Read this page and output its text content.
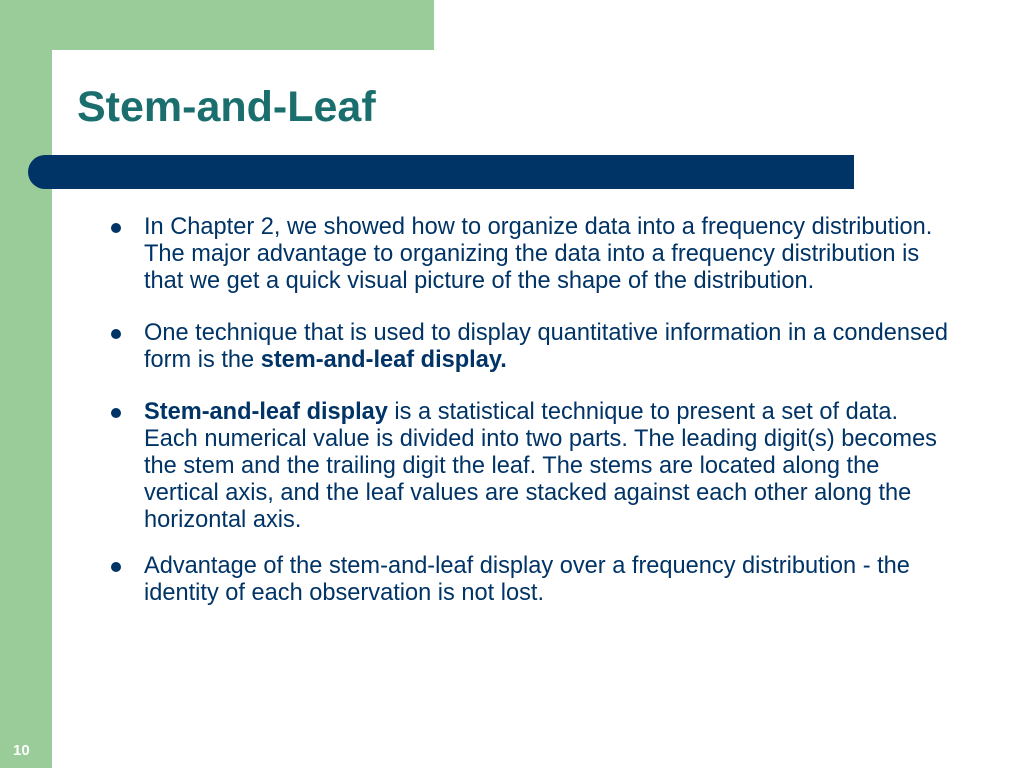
Stem-and-Leaf
In Chapter 2, we showed how to organize data into a frequency distribution. The major advantage to organizing the data into a frequency distribution is that we get a quick visual picture of the shape of the distribution.
One technique that is used to display quantitative information in a condensed form is the stem-and-leaf display.
Stem-and-leaf display is a statistical technique to present a set of data. Each numerical value is divided into two parts. The leading digit(s) becomes the stem and the trailing digit the leaf. The stems are located along the vertical axis, and the leaf values are stacked against each other along the horizontal axis.
Advantage of the stem-and-leaf display over a frequency distribution - the identity of each observation is not lost.
10
